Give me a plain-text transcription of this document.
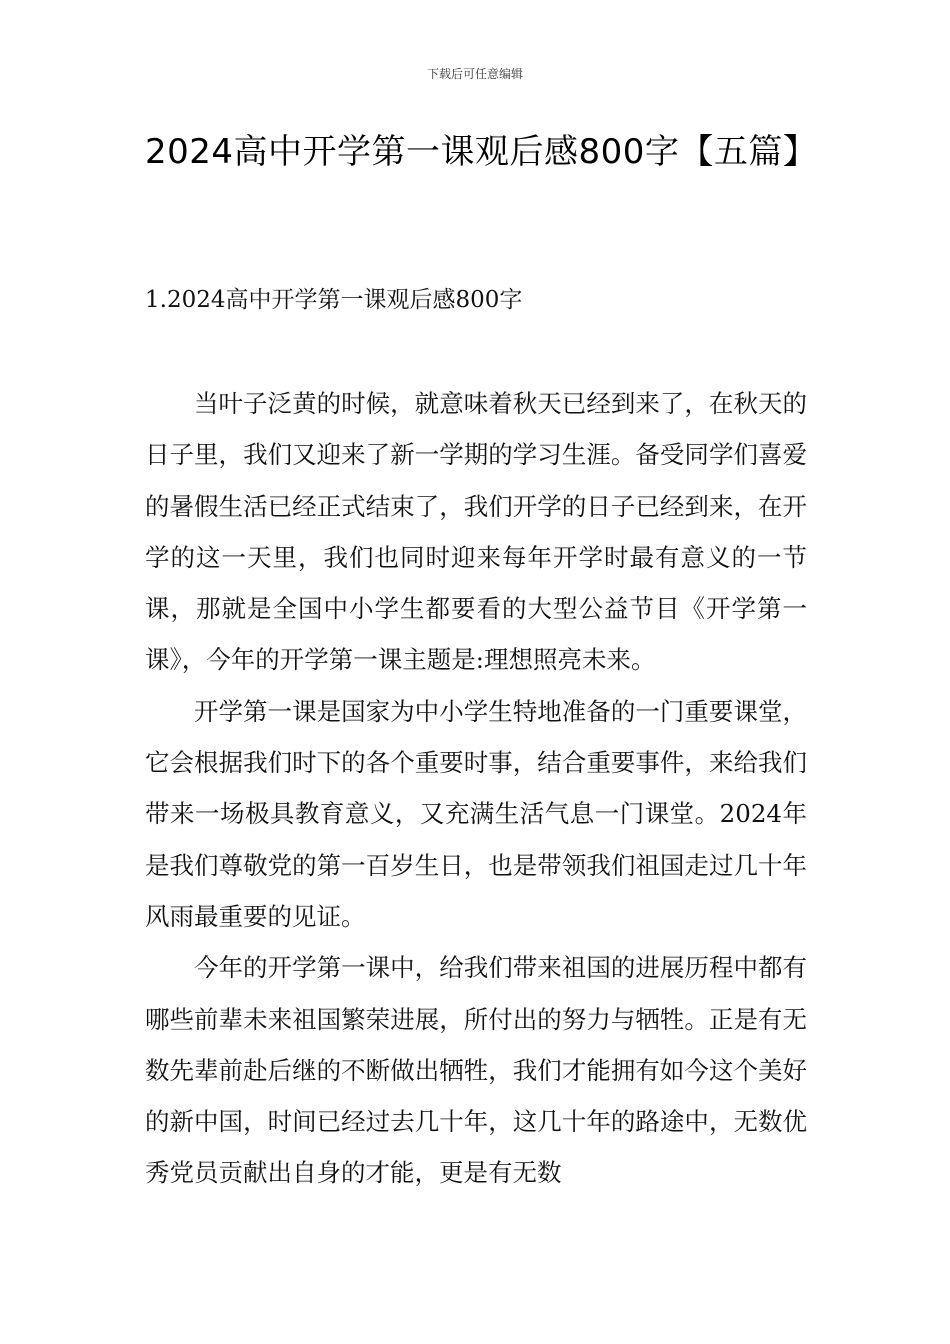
下载后可任意编辑
2024高中开学第一课观后感800字【五篇】
1.2024高中开学第一课观后感800字

当叶子泛黄的时候，就意味着秋天已经到来了，在秋天的日子里，我们又迎来了新一学期的学习生涯。备受同学们喜爱的暑假生活已经正式结束了，我们开学的日子已经到来，在开学的这一天里，我们也同时迎来每年开学时最有意义的一节课，那就是全国中小学生都要看的大型公益节目《开学第一课》，今年的开学第一课主题是:理想照亮未来。

开学第一课是国家为中小学生特地准备的一门重要课堂，它会根据我们时下的各个重要时事，结合重要事件，来给我们带来一场极具教育意义，又充满生活气息一门课堂。2024年是我们尊敬党的第一百岁生日，也是带领我们祖国走过几十年风雨最重要的见证。

今年的开学第一课中，给我们带来祖国的进展历程中都有哪些前辈未来祖国繁荣进展，所付出的努力与牺牲。正是有无数先辈前赴后继的不断做出牺牲，我们才能拥有如今这个美好的新中国，时间已经过去几十年，这几十年的路途中，无数优秀党员贡献出自身的才能，更是有无数
